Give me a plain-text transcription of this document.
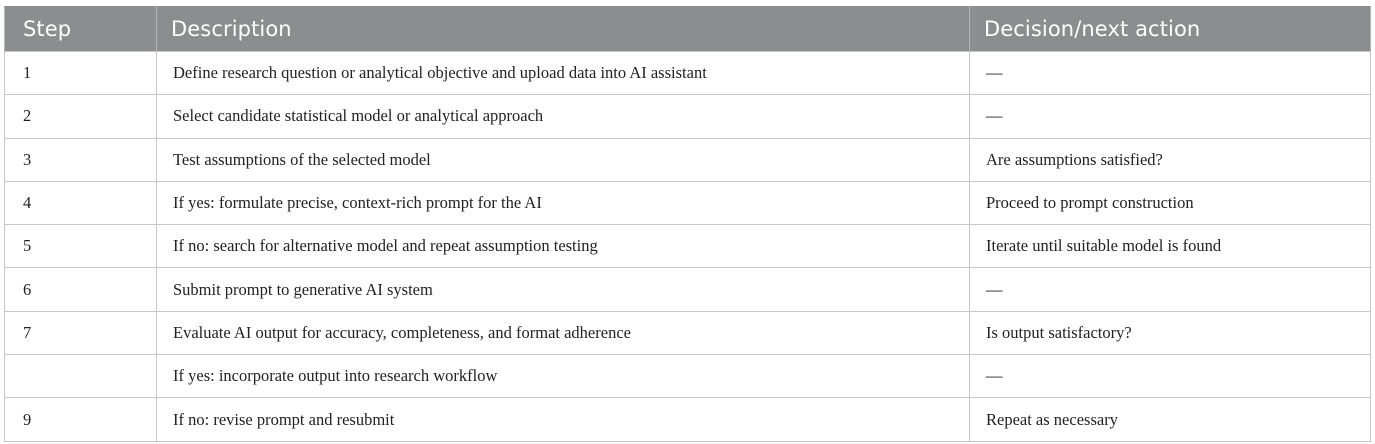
Step	Description	Decision/next action
1	Define research question or analytical objective and upload data into AI assistant	—
2	Select candidate statistical model or analytical approach	—
3	Test assumptions of the selected model	Are assumptions satisfied?
4	If yes: formulate precise, context-rich prompt for the AI	Proceed to prompt construction
5	If no: search for alternative model and repeat assumption testing	Iterate until suitable model is found
6	Submit prompt to generative AI system	—
7	Evaluate AI output for accuracy, completeness, and format adherence	Is output satisfactory?
	If yes: incorporate output into research workflow	—
9	If no: revise prompt and resubmit	Repeat as necessary
